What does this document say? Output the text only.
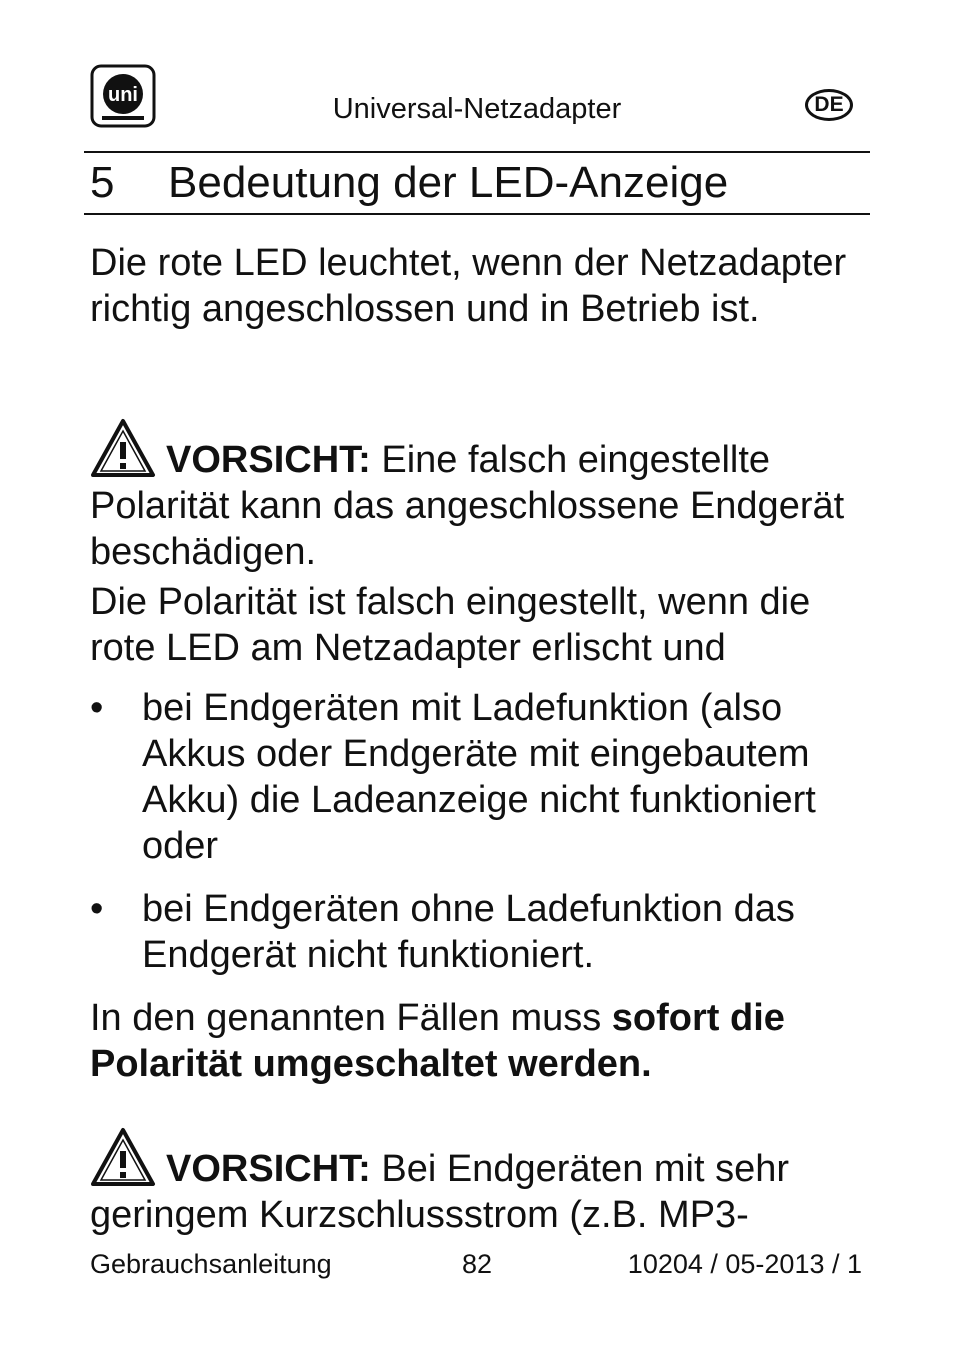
uni	Universal-Netzadapter	DE
5 Bedeutung der LED-Anzeige
Die rote LED leuchtet, wenn der Netzadapter richtig angeschlossen und in Betrieb ist.
VORSICHT: Eine falsch eingestellte Polarität kann das angeschlossene Endgerät beschädigen.
Die Polarität ist falsch eingestellt, wenn die rote LED am Netzadapter erlischt und
• bei Endgeräten mit Ladefunktion (also Akkus oder Endgeräte mit eingebautem Akku) die Ladeanzeige nicht funktioniert oder
• bei Endgeräten ohne Ladefunktion das Endgerät nicht funktioniert.
In den genannten Fällen muss sofort die Polarität umgeschaltet werden.
VORSICHT: Bei Endgeräten mit sehr geringem Kurzschlussstrom (z.B. MP3-
Gebrauchsanleitung	82	10204 / 05-2013 / 1
